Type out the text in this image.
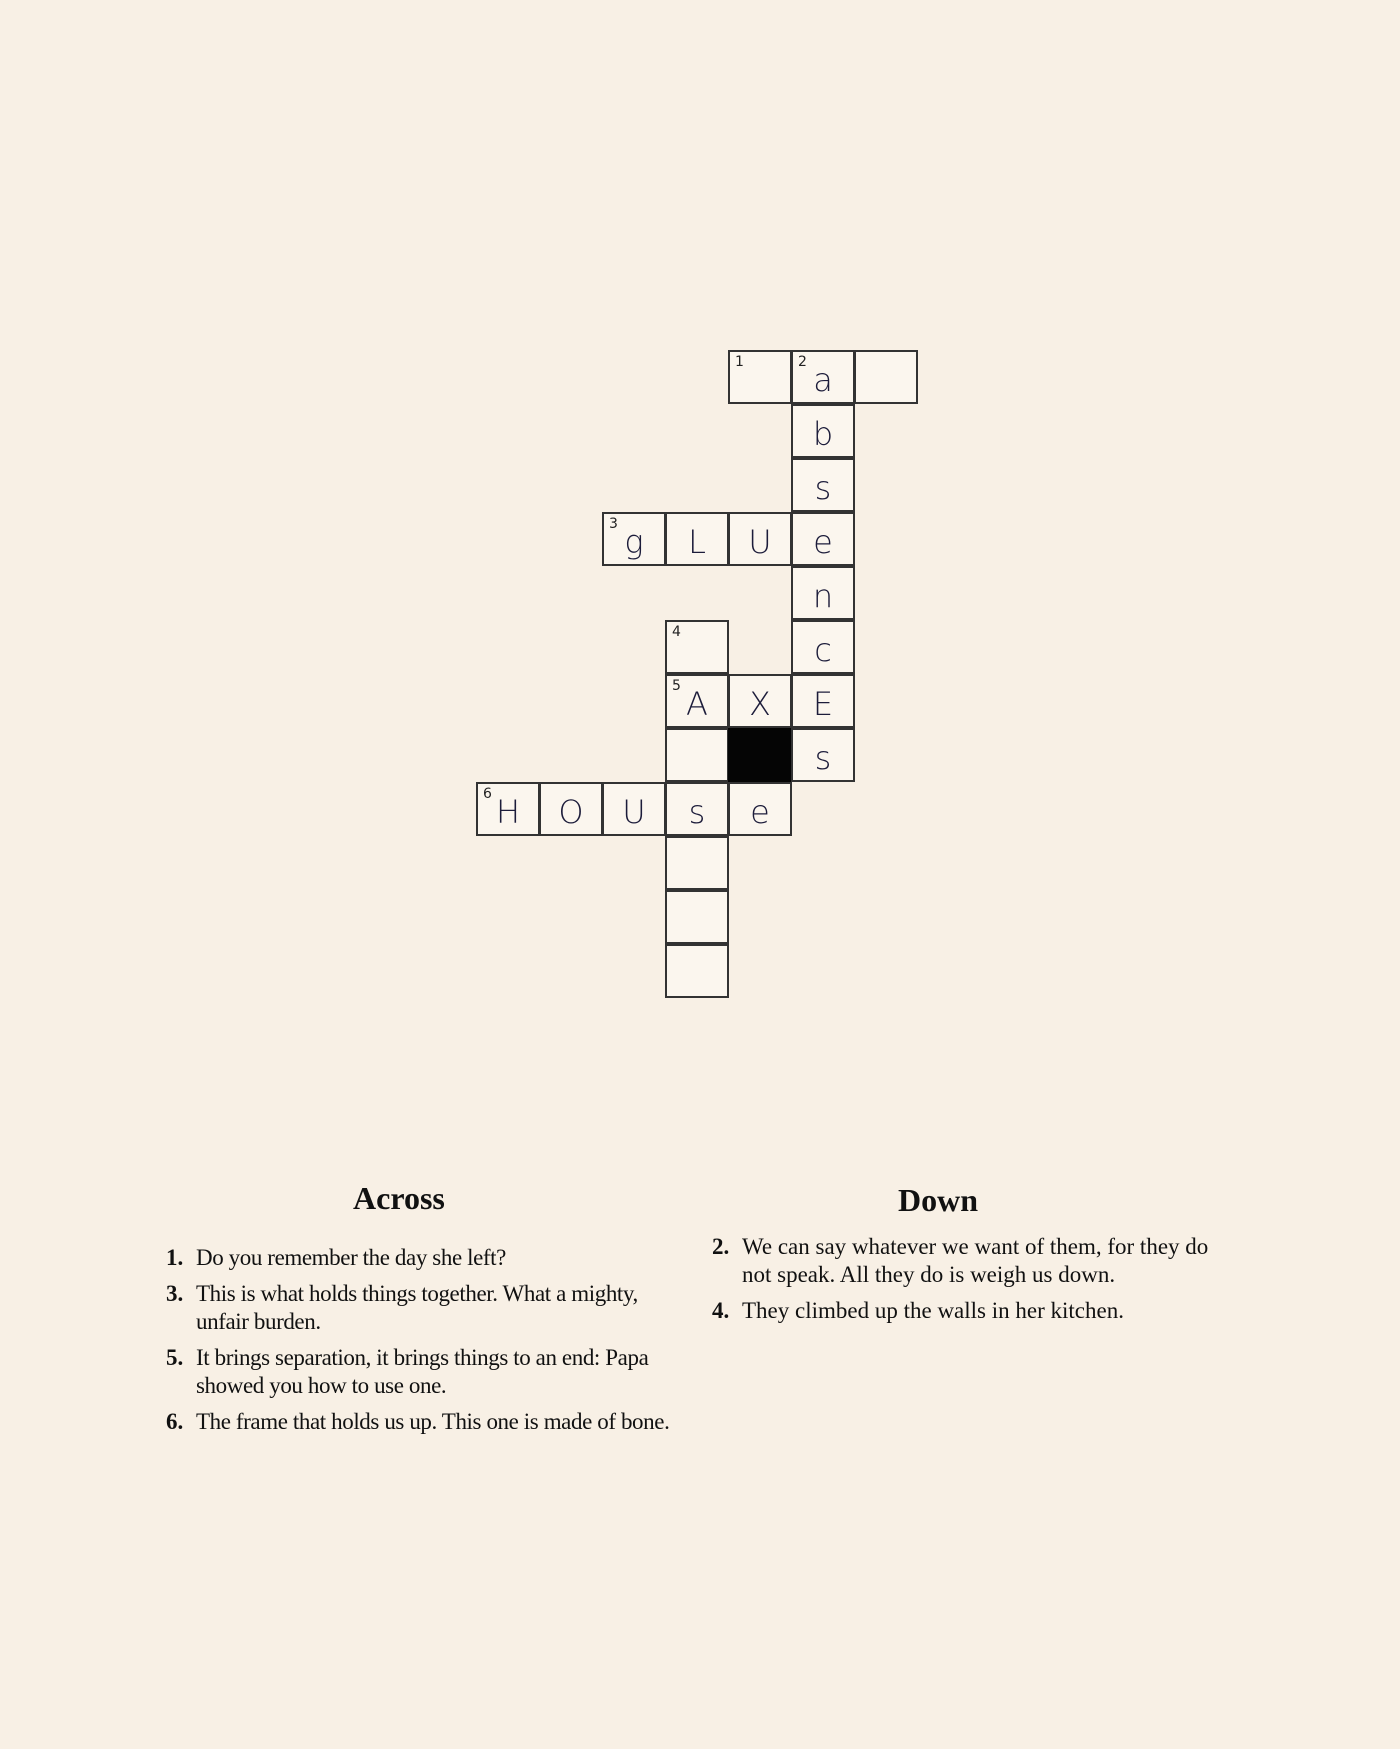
1	2 a
b
s
3 g	L	U	e
n
4	c
5 A	X	E
s
6 H	O	U	s	e
Across
1. Do you remember the day she left?
3. This is what holds things together. What a mighty, unfair burden.
5. It brings separation, it brings things to an end: Papa showed you how to use one.
6. The frame that holds us up. This one is made of bone.
Down
2. We can say whatever we want of them, for they do not speak. All they do is weigh us down.
4. They climbed up the walls in her kitchen.
